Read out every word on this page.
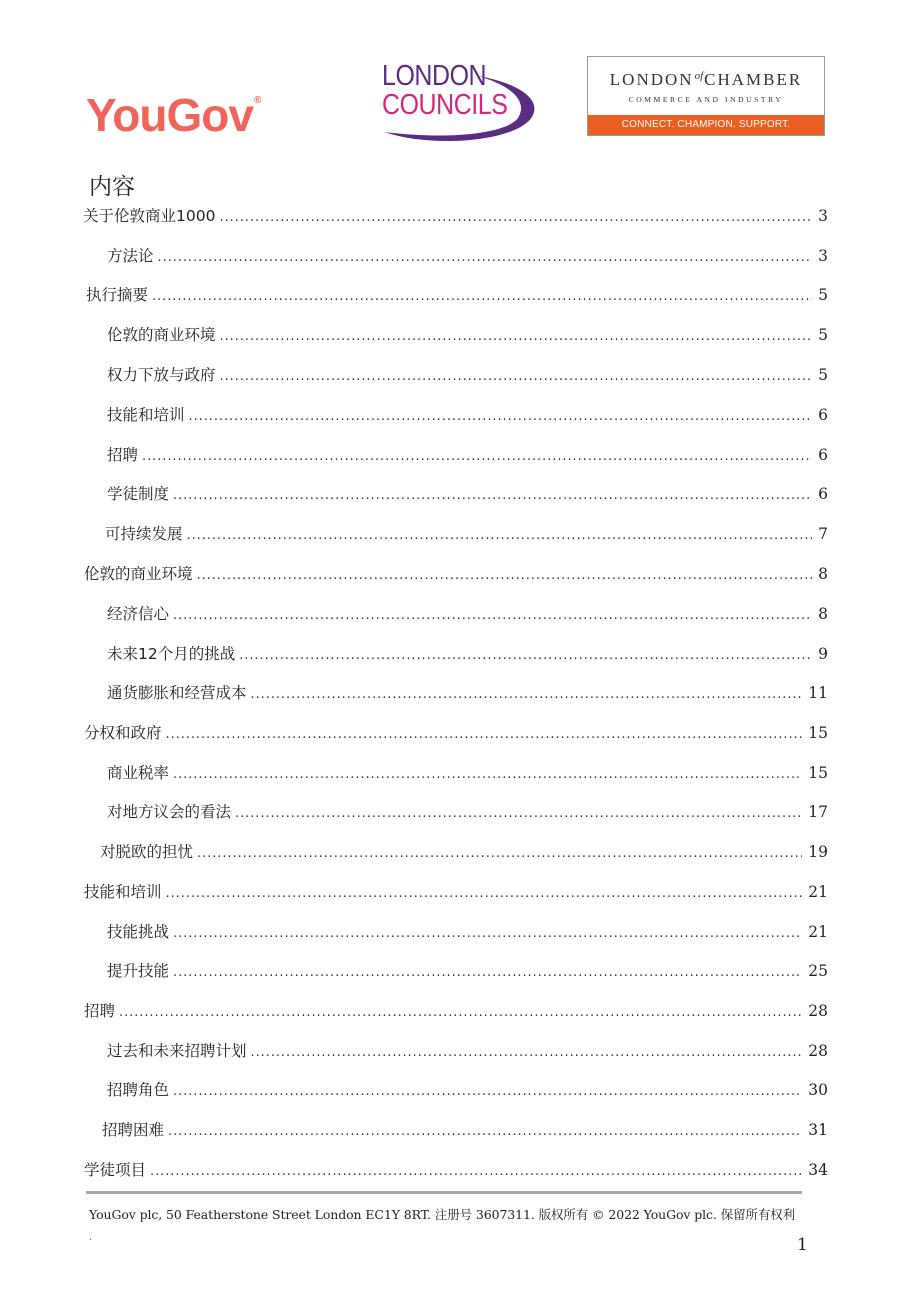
YouGov®
LONDON
COUNCILS
$LONDON^{of}CHAMBER$
COMMERCE AND INDUSTRY
CONNECT. CHAMPION. SUPPORT.
内容
关于伦敦商业1000 . . .	3
方法论 . . .	3
执行摘要 . . .	5
伦敦的商业环境 . . .	5
权力下放与政府 . . .	5
技能和培训 . . .	6
招聘 . . .	6
学徒制度 . . .	6
可持续发展 . . .	7
伦敦的商业环境 . . .	8
经济信心 . . .	8
未来12个月的挑战 . . .	9
通货膨胀和经营成本 . . .	11
分权和政府 . . .	15
商业税率 . . .	15
对地方议会的看法 . . .	17
对脱欧的担忧 . . .	19
技能和培训 . . .	21
技能挑战 . . .	21
提升技能 . . .	25
招聘 . . .	28
过去和未来招聘计划 . . .	28
招聘角色 . . .	30
招聘困难 . . .	31
学徒项目 . . .	34
YouGov plc, 50 Featherstone Street London EC1Y 8RT. 注册号 3607311. 版权所有 © 2022 YouGov plc. 保留所有权利
.	1
